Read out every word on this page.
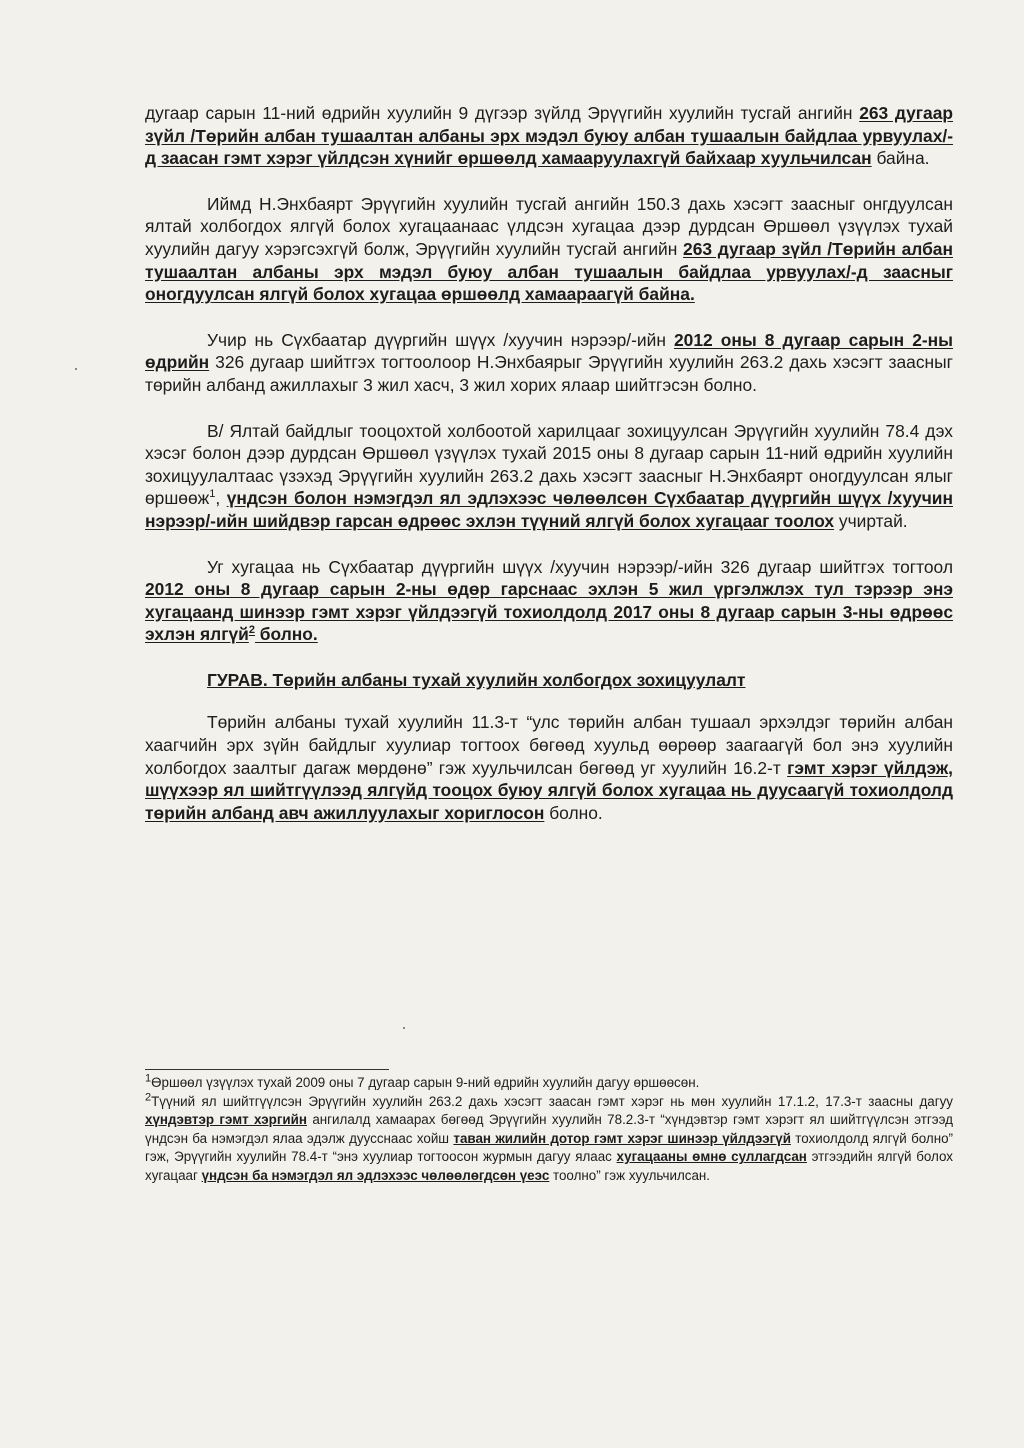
дугаар сарын 11-ний өдрийн хуулийн 9 дүгээр зүйлд Эрүүгийн хуулийн тусгай ангийн 263 дугаар зүйл /Төрийн албан тушаалтан албаны эрх мэдэл буюу албан тушаалын байдлаа урвуулах/-д заасан гэмт хэрэг үйлдсэн хүнийг өршөөлд хамааруулахгүй байхаар хуульчилсан байна.

Иймд Н.Энхбаярт Эрүүгийн хуулийн тусгай ангийн 150.3 дахь хэсэгт заасныг онгдуулсан ялтай холбогдох ялгүй болох хугацаанаас үлдсэн хугацаа дээр дурдсан Өршөөл үзүүлэх тухай хуулийн дагуу хэрэгсэхгүй болж, Эрүүгийн хуулийн тусгай ангийн 263 дугаар зүйл /Төрийн албан тушаалтан албаны эрх мэдэл буюу албан тушаалын байдлаа урвуулах/-д заасныг оногдуулсан ялгүй болох хугацаа өршөөлд хамаараагүй байна.

Учир нь Сүхбаатар дүүргийн шүүх /хуучин нэрээр/-ийн 2012 оны 8 дугаар сарын 2-ны өдрийн 326 дугаар шийтгэх тогтоолоор Н.Энхбаярыг Эрүүгийн хуулийн 263.2 дахь хэсэгт заасныг төрийн албанд ажиллахыг 3 жил хасч, 3 жил хорих ялаар шийтгэсэн болно.

В/ Ялтай байдлыг тооцохтой холбоотой харилцааг зохицуулсан Эрүүгийн хуулийн 78.4 дэх хэсэг болон дээр дурдсан Өршөөл үзүүлэх тухай 2015 оны 8 дугаар сарын 11-ний өдрийн хуулийн зохицуулалтаас үзэхэд Эрүүгийн хуулийн 263.2 дахь хэсэгт заасныг Н.Энхбаярт оногдуулсан ялыг өршөөж$^1$, үндсэн болон нэмэгдэл ял эдлэхээс чөлөөлсөн Сүхбаатар дүүргийн шүүх /хуучин нэрээр/-ийн шийдвэр гарсан өдрөөс эхлэн түүний ялгүй болох хугацааг тоолох учиртай.

Уг хугацаа нь Сүхбаатар дүүргийн шүүх /хуучин нэрээр/-ийн 326 дугаар шийтгэх тогтоол 2012 оны 8 дугаар сарын 2-ны өдөр гарснаас эхлэн 5 жил үргэлжлэх тул тэрээр энэ хугацаанд шинээр гэмт хэрэг үйлдээгүй тохиолдолд 2017 оны 8 дугаар сарын 3-ны өдрөөс эхлэн ялгүй$^2$ болно.

ГУРАВ. Төрийн албаны тухай хуулийн холбогдох зохицуулалт

Төрийн албаны тухай хуулийн 11.3-т “улс төрийн албан тушаал эрхэлдэг төрийн албан хаагчийн эрх зүйн байдлыг хуулиар тогтоох бөгөөд хуульд өөрөөр заагаагүй бол энэ хуулийн холбогдох заалтыг дагаж мөрдөнө” гэж хуульчилсан бөгөөд уг хуулийн 16.2-т гэмт хэрэг үйлдэж, шүүхээр ял шийтгүүлээд ялгүйд тооцох буюу ялгүй болох хугацаа нь дуусаагүй тохиолдолд төрийн албанд авч ажиллуулахыг хориглосон болно.

$^1$Өршөөл үзүүлэх тухай 2009 оны 7 дугаар сарын 9-ний өдрийн хуулийн дагуу өршөөсөн.

$^2$Түүний ял шийтгүүлсэн Эрүүгийн хуулийн 263.2 дахь хэсэгт заасан гэмт хэрэг нь мөн хуулийн 17.1.2, 17.3-т заасны дагуу хүндэвтэр гэмт хэргийн ангилалд хамаарах бөгөөд Эрүүгийн хуулийн 78.2.3-т “хүндэвтэр гэмт хэрэгт ял шийтгүүлсэн этгээд үндсэн ба нэмэгдэл ялаа эдэлж дуусснаас хойш таван жилийн дотор гэмт хэрэг шинээр үйлдээгүй тохиолдолд ялгүй болно” гэж, Эрүүгийн хуулийн 78.4-т “энэ хуулиар тогтоосон журмын дагуу ялаас хугацааны өмнө суллагдсан этгээдийн ялгүй болох хугацааг үндсэн ба нэмэгдэл ял эдлэхээс чөлөөлөгдсөн үеэс тоолно” гэж хуульчилсан.
